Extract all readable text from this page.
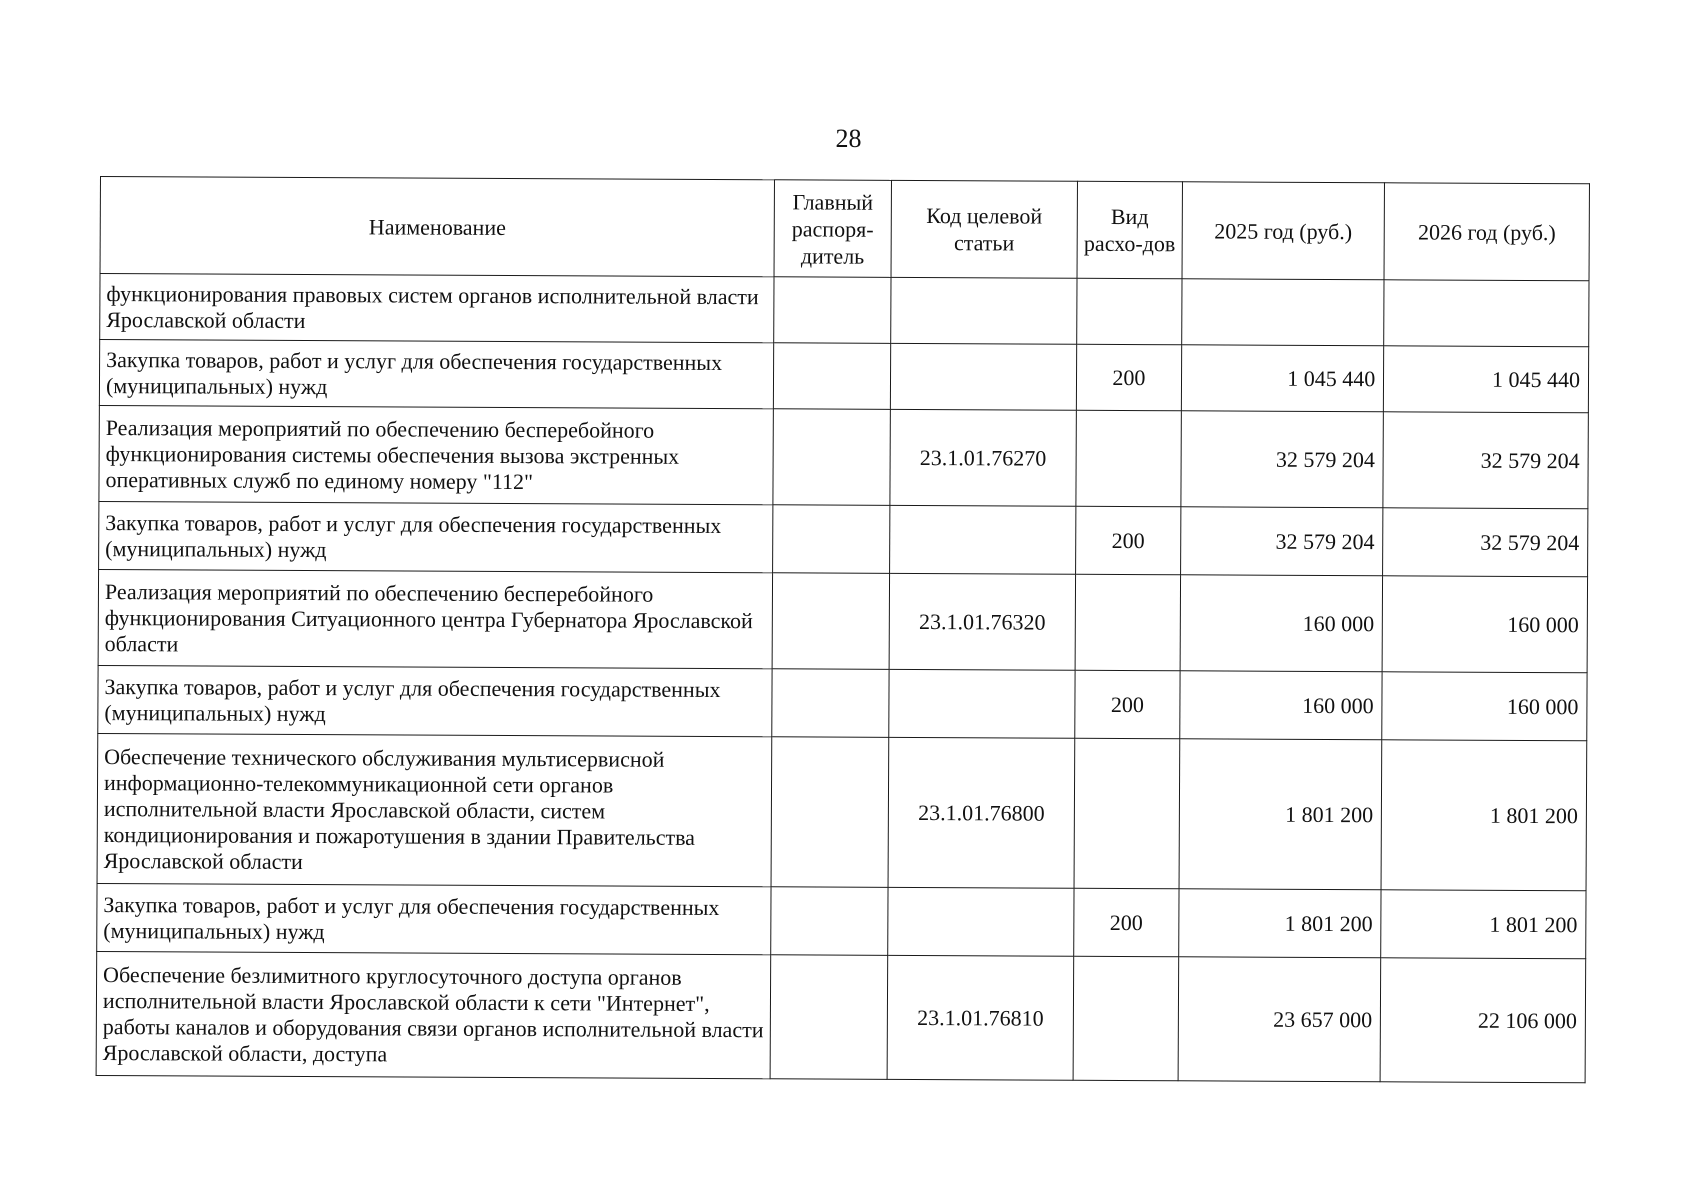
28
Наименование	Главный распоря-дитель	Код целевой статьи	Вид расхо-дов	2025 год (руб.)	2026 год (руб.)
функционирования правовых систем органов исполнительной власти Ярославской области					
Закупка товаров, работ и услуг для обеспечения государственных (муниципальных) нужд			200	1 045 440	1 045 440
Реализация мероприятий по обеспечению бесперебойного функционирования системы обеспечения вызова экстренных оперативных служб по единому номеру "112"		23.1.01.76270		32 579 204	32 579 204
Закупка товаров, работ и услуг для обеспечения государственных (муниципальных) нужд			200	32 579 204	32 579 204
Реализация мероприятий по обеспечению бесперебойного функционирования Ситуационного центра Губернатора Ярославской области		23.1.01.76320		160 000	160 000
Закупка товаров, работ и услуг для обеспечения государственных (муниципальных) нужд			200	160 000	160 000
Обеспечение технического обслуживания мультисервисной информационно-телекоммуникационной сети органов исполнительной власти Ярославской области, систем кондиционирования и пожаротушения в здании Правительства Ярославской области		23.1.01.76800		1 801 200	1 801 200
Закупка товаров, работ и услуг для обеспечения государственных (муниципальных) нужд			200	1 801 200	1 801 200
Обеспечение безлимитного круглосуточного доступа органов исполнительной власти Ярославской области к сети "Интернет", работы каналов и оборудования связи органов исполнительной власти Ярославской области, доступа		23.1.01.76810		23 657 000	22 106 000
